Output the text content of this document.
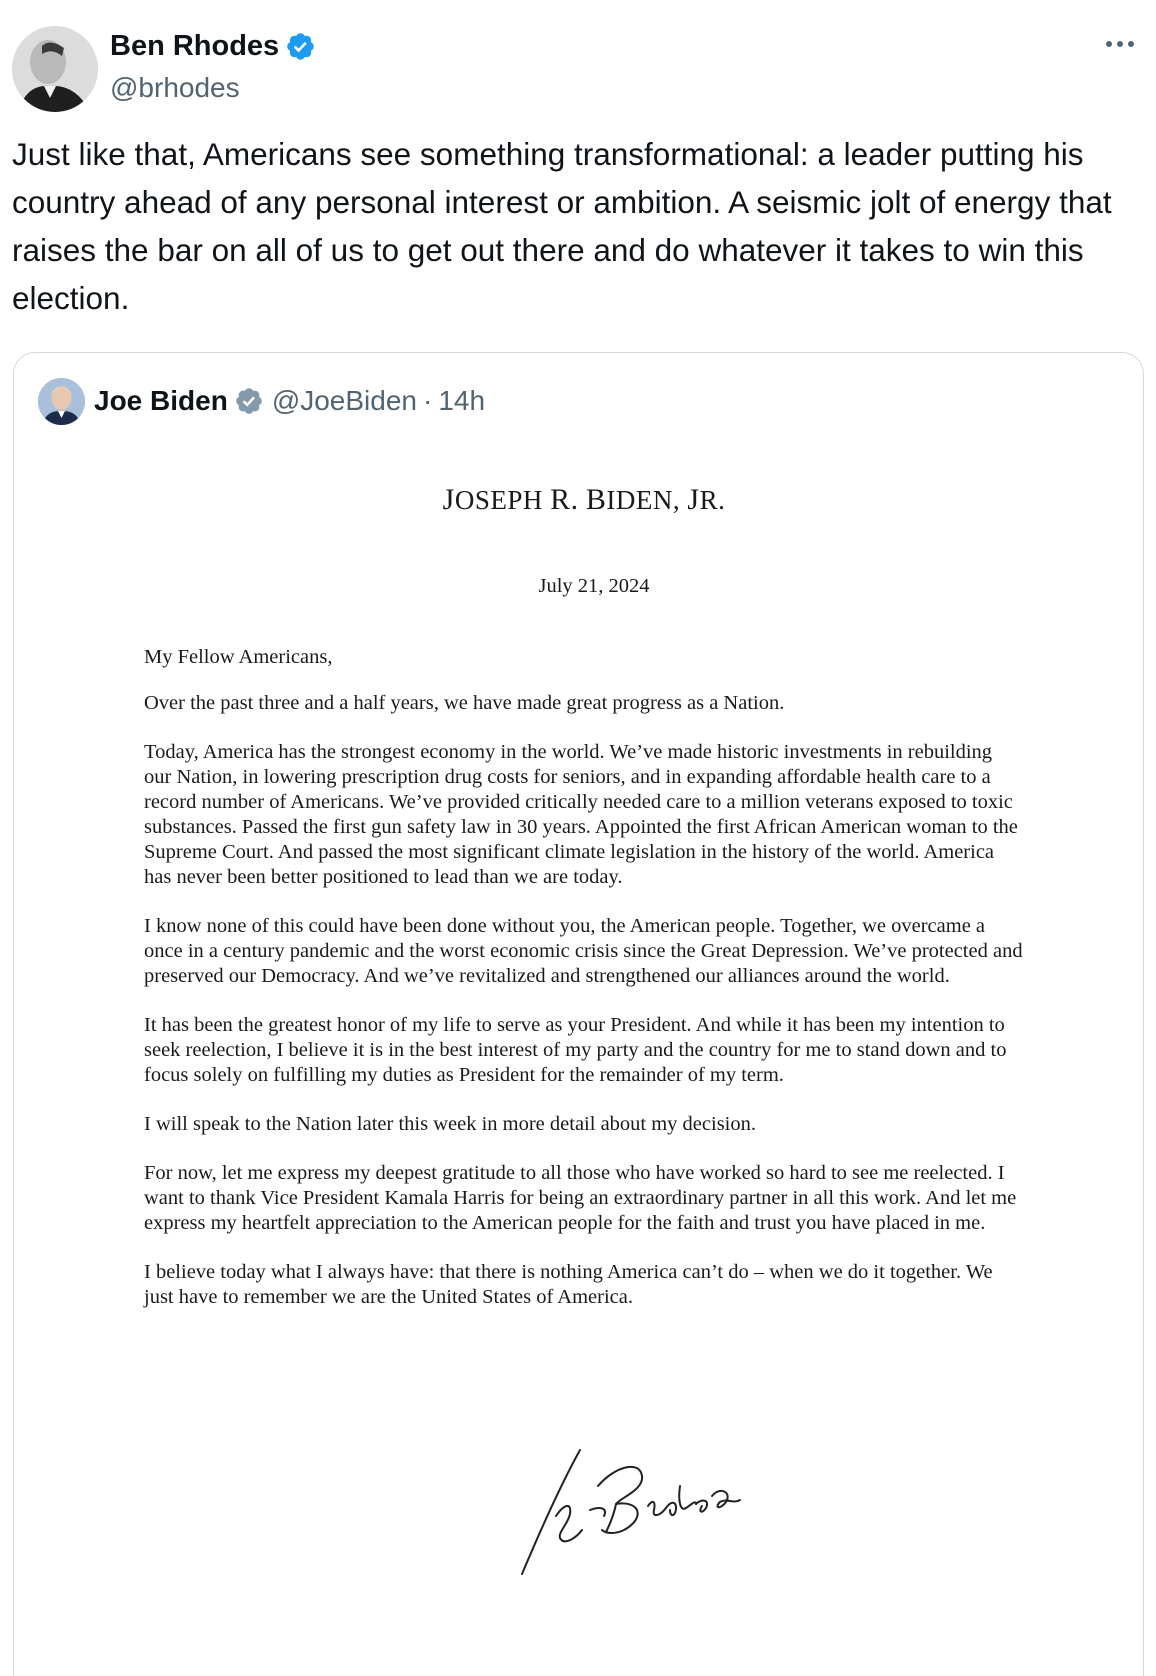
Ben Rhodes
@brhodes
Just like that, Americans see something transformational: a leader putting his country ahead of any personal interest or ambition. A seismic jolt of energy that raises the bar on all of us to get out there and do whatever it takes to win this election.
Joe Biden @JoeBiden · 14h
JOSEPH R. BIDEN, JR.
July 21, 2024
My Fellow Americans,
Over the past three and a half years, we have made great progress as a Nation.
Today, America has the strongest economy in the world. We’ve made historic investments in rebuilding our Nation, in lowering prescription drug costs for seniors, and in expanding affordable health care to a record number of Americans. We’ve provided critically needed care to a million veterans exposed to toxic substances. Passed the first gun safety law in 30 years. Appointed the first African American woman to the Supreme Court. And passed the most significant climate legislation in the history of the world. America has never been better positioned to lead than we are today.
I know none of this could have been done without you, the American people. Together, we overcame a once in a century pandemic and the worst economic crisis since the Great Depression. We’ve protected and preserved our Democracy. And we’ve revitalized and strengthened our alliances around the world.
It has been the greatest honor of my life to serve as your President. And while it has been my intention to seek reelection, I believe it is in the best interest of my party and the country for me to stand down and to focus solely on fulfilling my duties as President for the remainder of my term.
I will speak to the Nation later this week in more detail about my decision.
For now, let me express my deepest gratitude to all those who have worked so hard to see me reelected. I want to thank Vice President Kamala Harris for being an extraordinary partner in all this work. And let me express my heartfelt appreciation to the American people for the faith and trust you have placed in me.
I believe today what I always have: that there is nothing America can’t do – when we do it together. We just have to remember we are the United States of America.
